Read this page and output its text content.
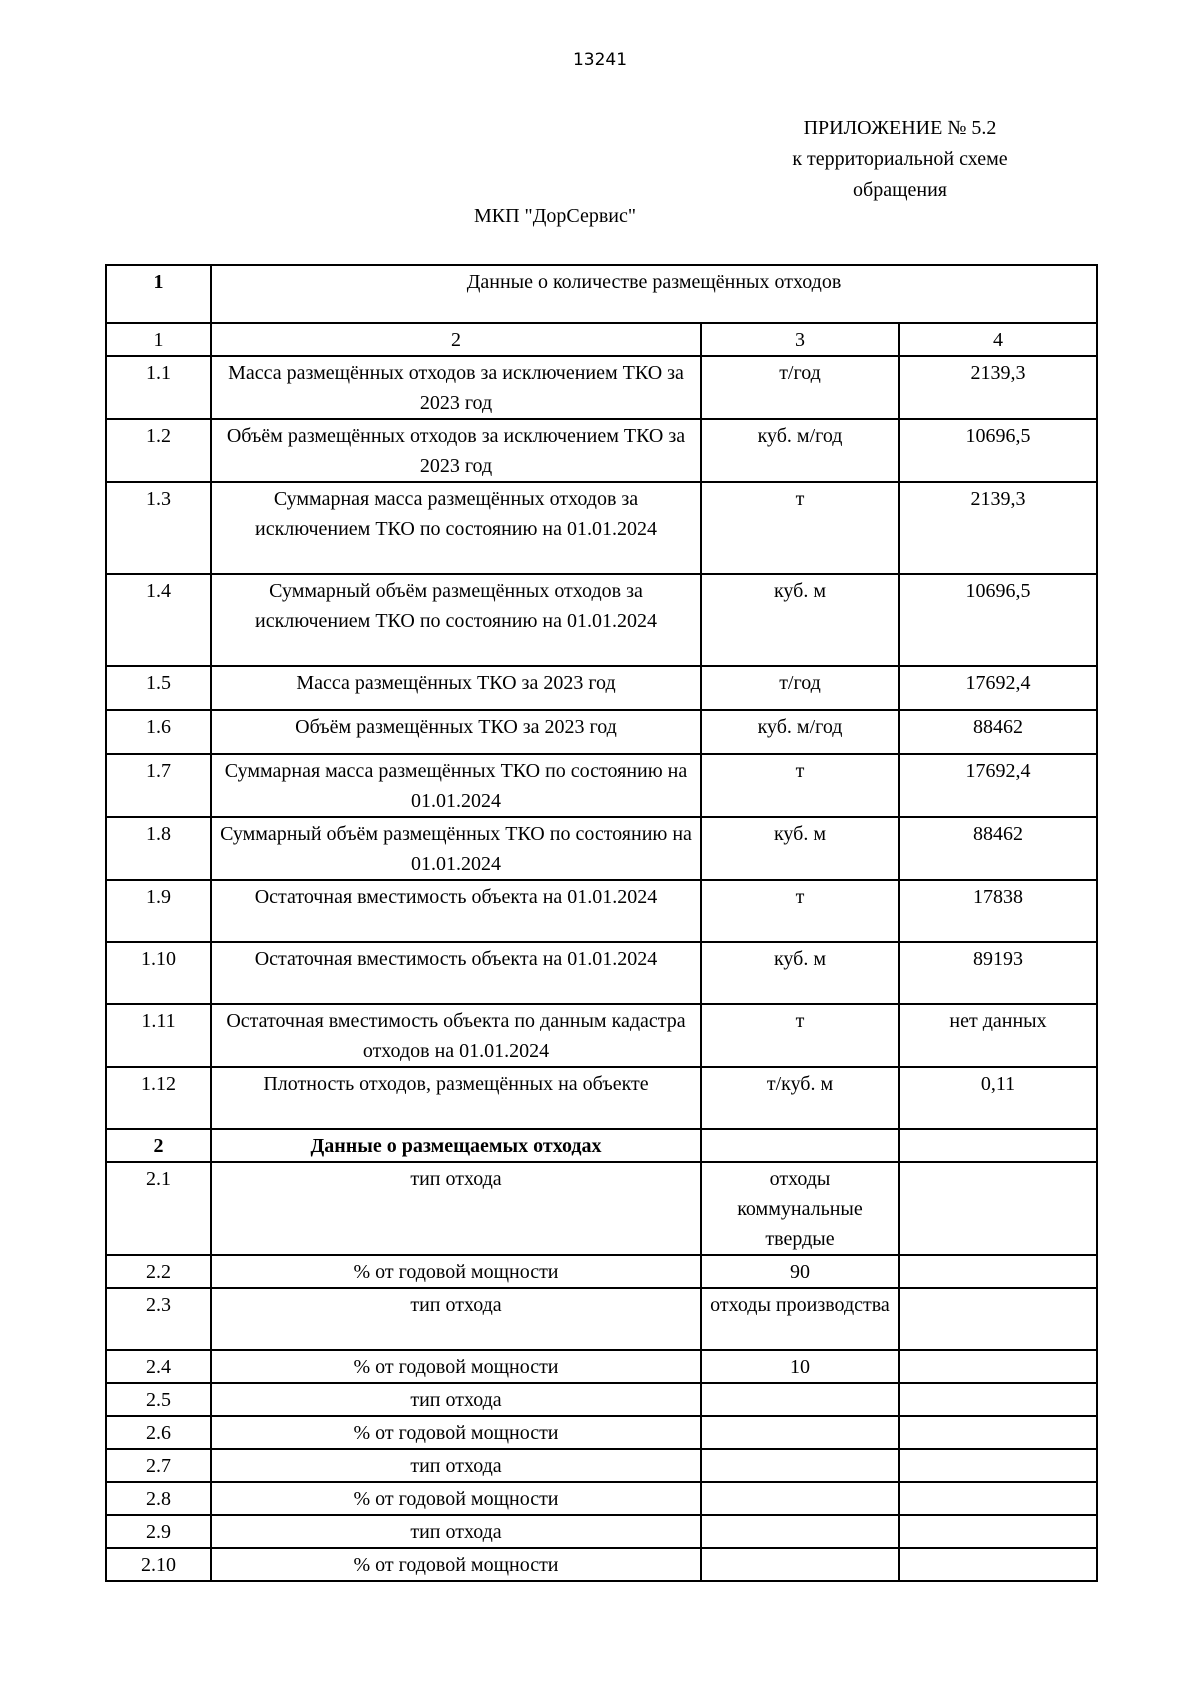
13241
ПРИЛОЖЕНИЕ № 5.2
к территориальной схеме
обращения
МКП "ДорСервис"
1	Данные о количестве размещённых отходов		
1	2	3	4
1.1	Масса размещённых отходов за исключением ТКО за 2023 год	т/год	2139,3
1.2	Объём размещённых отходов за исключением ТКО за 2023 год	куб. м/год	10696,5
1.3	Суммарная масса размещённых отходов за исключением ТКО по состоянию на 01.01.2024	т	2139,3
1.4	Суммарный объём размещённых отходов за исключением ТКО по состоянию на 01.01.2024	куб. м	10696,5
1.5	Масса размещённых ТКО за 2023 год	т/год	17692,4
1.6	Объём размещённых ТКО за 2023 год	куб. м/год	88462
1.7	Суммарная масса размещённых ТКО по состоянию на 01.01.2024	т	17692,4
1.8	Суммарный объём размещённых ТКО по состоянию на 01.01.2024	куб. м	88462
1.9	Остаточная вместимость объекта на 01.01.2024	т	17838
1.10	Остаточная вместимость объекта на 01.01.2024	куб. м	89193
1.11	Остаточная вместимость объекта по данным кадастра отходов на 01.01.2024	т	нет данных
1.12	Плотность отходов, размещённых на объекте	т/куб. м	0,11
2	Данные о размещаемых отходах		
2.1	тип отхода	отходы коммунальные твердые	
2.2	% от годовой мощности	90	
2.3	тип отхода	отходы производства	
2.4	% от годовой мощности	10	
2.5	тип отхода		
2.6	% от годовой мощности		
2.7	тип отхода		
2.8	% от годовой мощности		
2.9	тип отхода		
2.10	% от годовой мощности		
